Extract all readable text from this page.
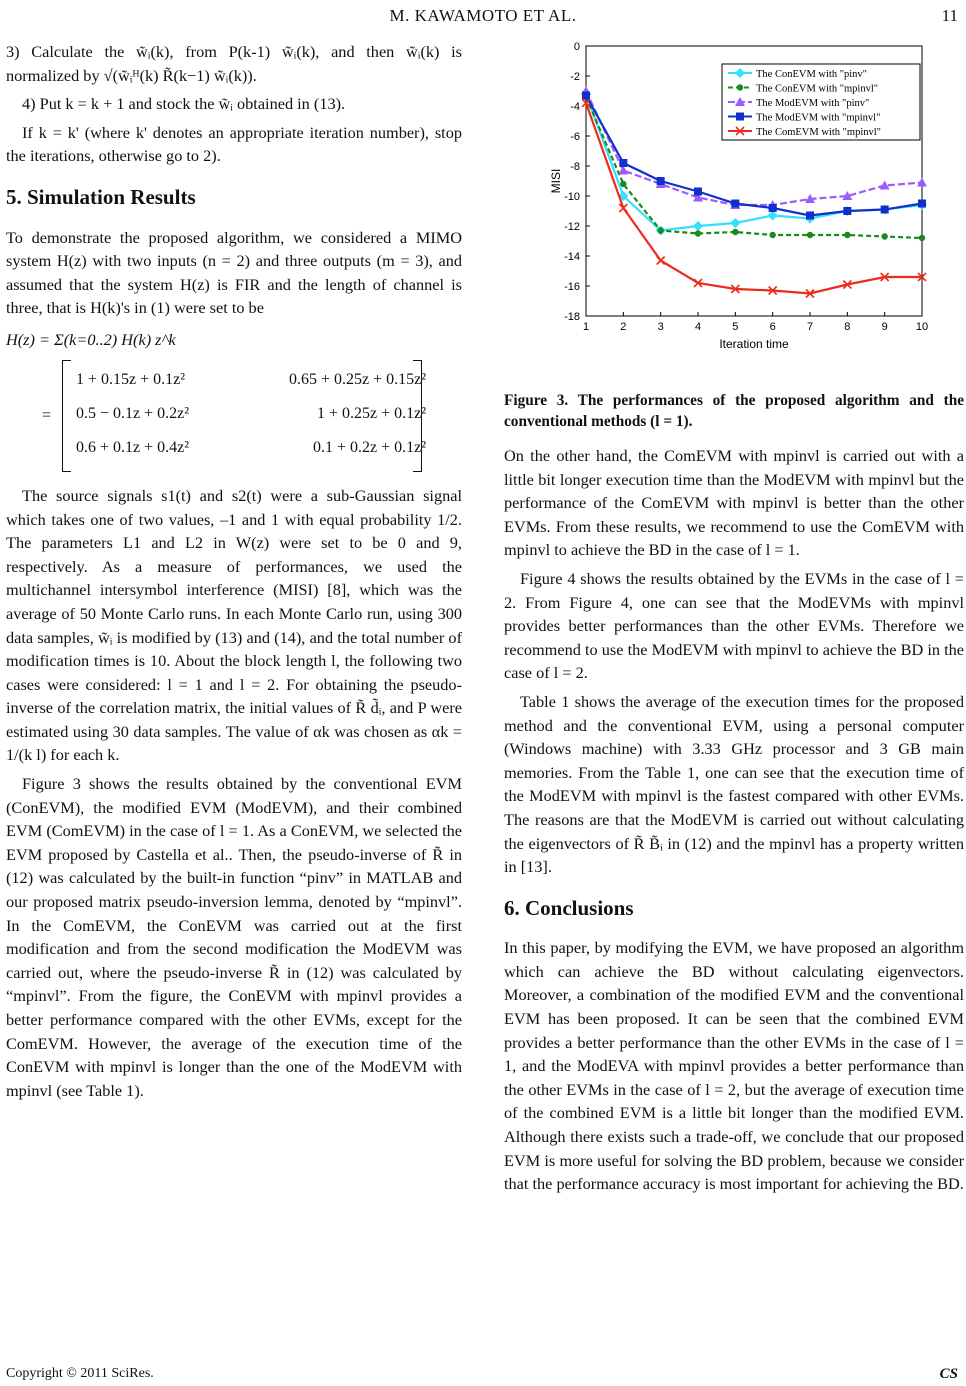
M. KAWAMOTO ET AL.	11

3) Calculate the w̃ᵢ(k), from P(k-1) w̃ᵢ(k), and then w̃ᵢ(k) is normalized by √(w̃ᵢᴴ(k) R̃(k−1) w̃ᵢ(k)).

4) Put k = k + 1 and stock the w̃ᵢ obtained in (13).

If k = k' (where k' denotes an appropriate iteration number), stop the iterations, otherwise go to 2).

5. Simulation Results

To demonstrate the proposed algorithm, we considered a MIMO system H(z) with two inputs (n = 2) and three outputs (m = 3), and assumed that the system H(z) is FIR and the length of channel is three, that is H(k)'s in (1) were set to be

H(z) = Σ(k=0..2) H(k) z^k
=
1 + 0.15z + 0.1z²	0.65 + 0.25z + 0.15z²
0.5 − 0.1z + 0.2z²	1 + 0.25z + 0.1z²
0.6 + 0.1z + 0.4z²	0.1 + 0.2z + 0.1z²

The source signals s1(t) and s2(t) were a sub-Gaussian signal which takes one of two values, –1 and 1 with equal probability 1/2. The parameters L1 and L2 in W(z) were set to be 0 and 9, respectively. As a measure of performances, we used the multichannel intersymbol interference (MISI) [8], which was the average of 50 Monte Carlo runs. In each Monte Carlo run, using 300 data samples, w̃ᵢ is modified by (13) and (14), and the total number of modification times is 10. About the block length l, the following two cases were considered: l = 1 and l = 2. For obtaining the pseudo-inverse of the correlation matrix, the initial values of R̃ d̃ᵢ, and P were estimated using 30 data samples. The value of αk was chosen as αk = 1/(k l) for each k.

Figure 3 shows the results obtained by the conventional EVM (ConEVM), the modified EVM (ModEVM), and their combined EVM (ComEVM) in the case of l = 1. As a ConEVM, we selected the EVM proposed by Castella et al.. Then, the pseudo-inverse of R̃ in (12) was calculated by the built-in function “pinv” in MATLAB and our proposed matrix pseudo-inversion lemma, denoted by “mpinvl”. In the ComEVM, the ConEVM was carried out at the first modification and from the second modification the ModEVM was carried out, where the pseudo-inverse R̃ in (12) was calculated by “mpinvl”. From the figure, the ConEVM with mpinvl provides a better performance compared with the other EVMs, except for the ComEVM. However, the average of the execution time of the ConEVM with mpinvl is longer than the one of the ModEVM with mpinvl (see Table 1).

1	2	3	4	5	6	7	8	9	10
0
-2
-4
-6
-8
-10
-12
-14
-16
-18
Iteration time
MISI
The ConEVM with "pinv"
The ConEVM with "mpinvl"
The ModEVM with "pinv"
The ModEVM with "mpinvl"
The ComEVM with "mpinvl"
Figure 3. The performances of the proposed algorithm and the conventional methods (l = 1).

On the other hand, the ComEVM with mpinvl is carried out with a little bit longer execution time than the ModEVM with mpinvl but the performance of the ComEVM with mpinvl is better than the other EVMs. From these results, we recommend to use the ComEVM with mpinvl to achieve the BD in the case of l = 1.

Figure 4 shows the results obtained by the EVMs in the case of l = 2. From Figure 4, one can see that the ModEVMs with mpinvl provides better performances than the other EVMs. Therefore we recommend to use the ModEVM with mpinvl to achieve the BD in the case of l = 2.

Table 1 shows the average of the execution times for the proposed method and the conventional EVM, using a personal computer (Windows machine) with 3.33 GHz processor and 3 GB main memories. From the Table 1, one can see that the execution time of the ModEVM with mpinvl is the fastest compared with other EVMs. The reasons are that the ModEVM is carried out without calculating the eigenvectors of R̃ B̃ᵢ in (12) and the mpinvl has a property written in [13].

6. Conclusions

In this paper, by modifying the EVM, we have proposed an algorithm which can achieve the BD without calculating eigenvectors. Moreover, a combination of the modified EVM and the conventional EVM has been proposed. It can be seen that the combined EVM provides a better performance than the other EVMs in the case of l = 1, and the ModEVA with mpinvl provides a better performance than the other EVMs in the case of l = 2, but the average of execution time of the combined EVM is a little bit longer than the modified EVM. Although there exists such a trade-off, we conclude that our proposed EVM is more useful for solving the BD problem, because we consider that the performance accuracy is most important for achieving the BD.

Copyright © 2011 SciRes.	CS
